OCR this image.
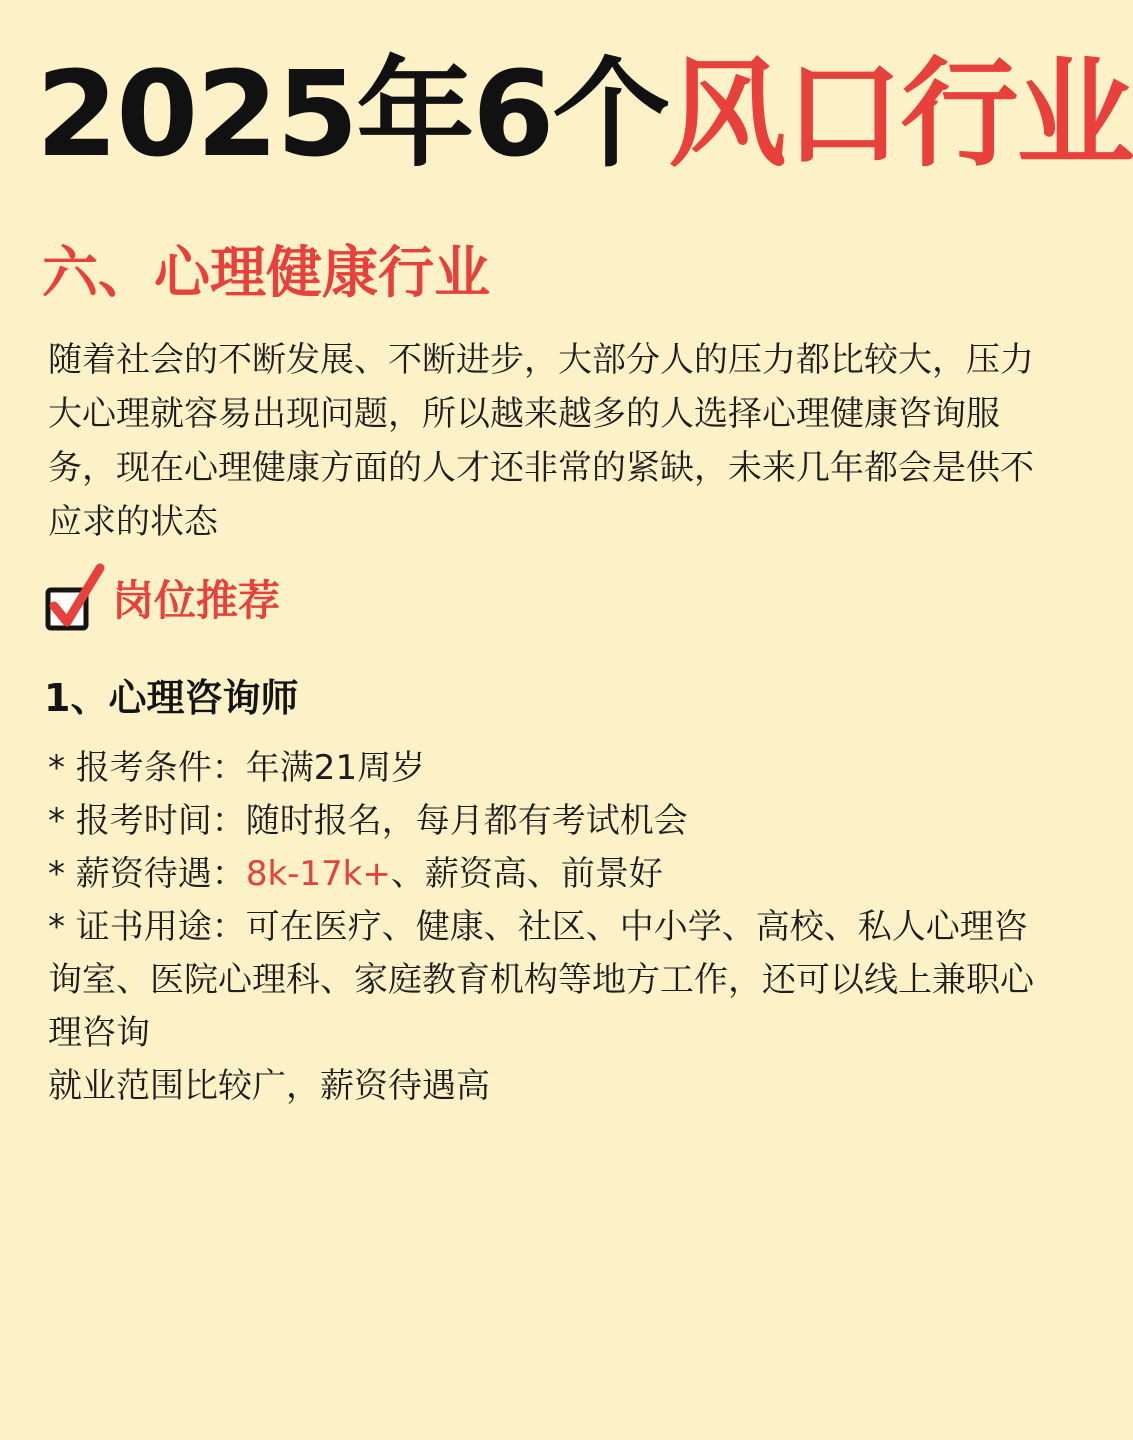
2025年6个风口行业
六、心理健康行业

随着社会的不断发展、不断进步，大部分人的压力都比较大，压力大心理就容易出现问题，所以越来越多的人选择心理健康咨询服务，现在心理健康方面的人才还非常的紧缺，未来几年都会是供不应求的状态

岗位推荐
1、心理咨询师
* 报考条件：年满21周岁
* 报考时间：随时报名，每月都有考试机会
* 薪资待遇：8k-17k+、薪资高、前景好
* 证书用途：可在医疗、健康、社区、中小学、高校、私人心理咨询室、医院心理科、家庭教育机构等地方工作，还可以线上兼职心理咨询
就业范围比较广，薪资待遇高
